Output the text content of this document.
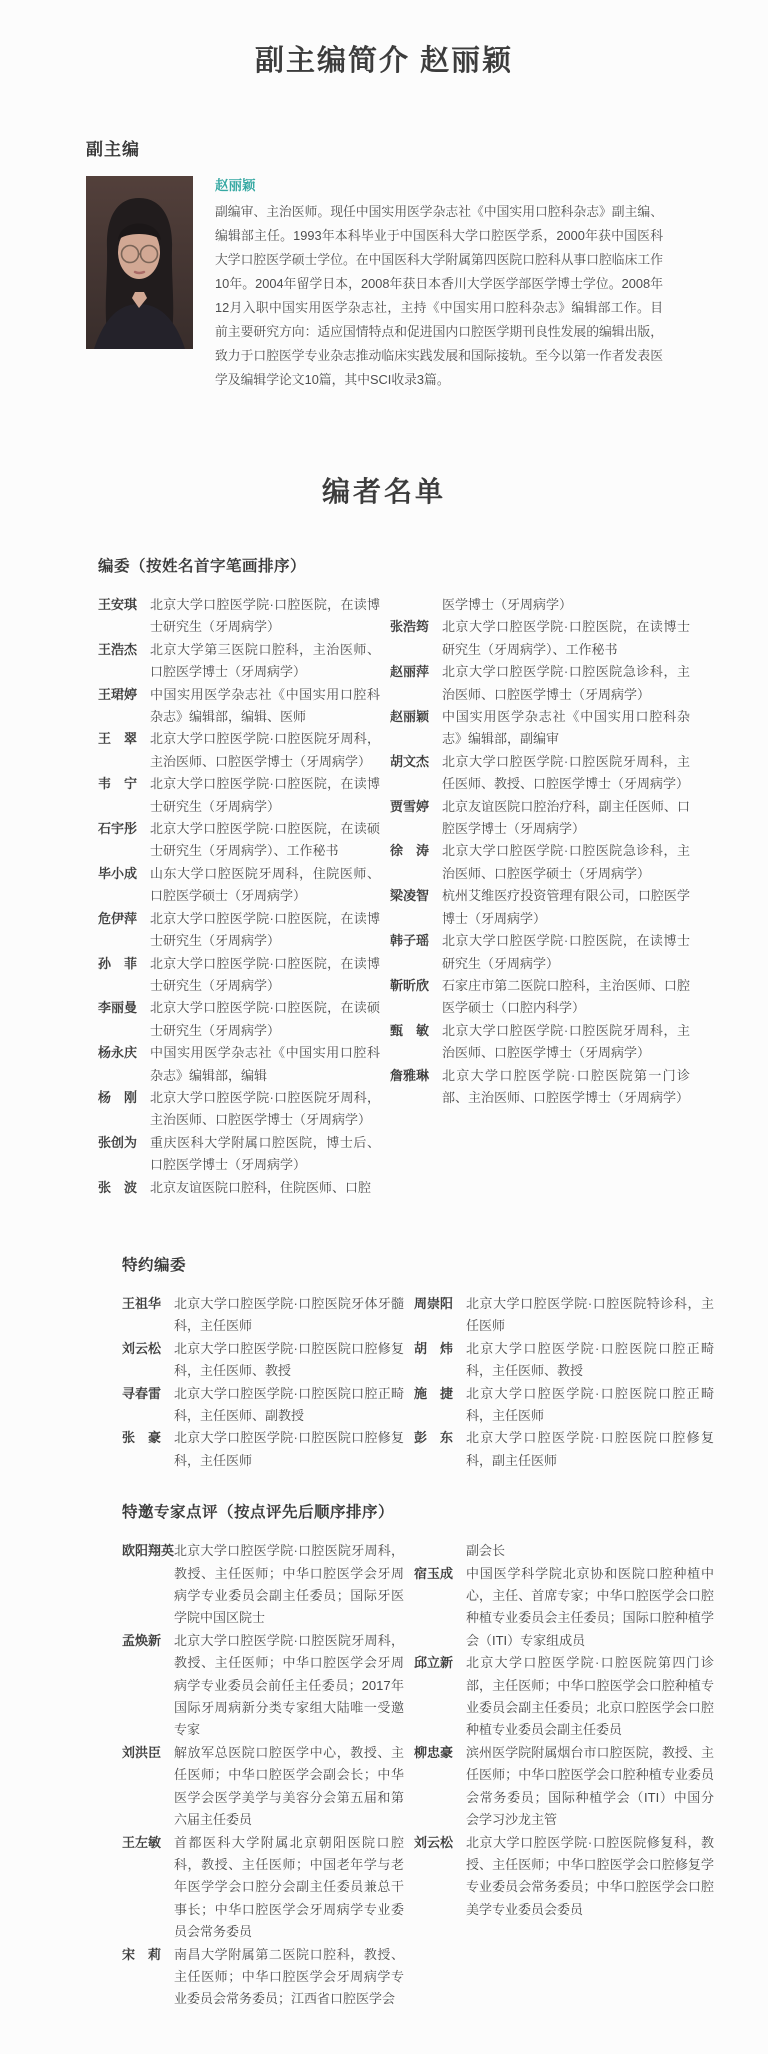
副主编简介 赵丽颖
副主编
赵丽颖

副编审、主治医师。现任中国实用医学杂志社《中国实用口腔科杂志》副主编、编辑部主任。1993年本科毕业于中国医科大学口腔医学系，2000年获中国医科大学口腔医学硕士学位。在中国医科大学附属第四医院口腔科从事口腔临床工作10年。2004年留学日本，2008年获日本香川大学医学部医学博士学位。2008年12月入职中国实用医学杂志社，主持《中国实用口腔科杂志》编辑部工作。目前主要研究方向：适应国情特点和促进国内口腔医学期刊良性发展的编辑出版，致力于口腔医学专业杂志推动临床实践发展和国际接轨。至今以第一作者发表医学及编辑学论文10篇，其中SCI收录3篇。

编者名单
编委（按姓名首字笔画排序）
王安琪 北京大学口腔医学院·口腔医院，在读博士研究生（牙周病学）
王浩杰 北京大学第三医院口腔科，主治医师、口腔医学博士（牙周病学）
王珺婷 中国实用医学杂志社《中国实用口腔科杂志》编辑部，编辑、医师
王　翠 北京大学口腔医学院·口腔医院牙周科，主治医师、口腔医学博士（牙周病学）
韦　宁 北京大学口腔医学院·口腔医院，在读博士研究生（牙周病学）
石宇彤 北京大学口腔医学院·口腔医院，在读硕士研究生（牙周病学）、工作秘书
毕小成 山东大学口腔医院牙周科，住院医师、口腔医学硕士（牙周病学）
危伊萍 北京大学口腔医学院·口腔医院，在读博士研究生（牙周病学）
孙　菲 北京大学口腔医学院·口腔医院，在读博士研究生（牙周病学）
李丽曼 北京大学口腔医学院·口腔医院，在读硕士研究生（牙周病学）
杨永庆 中国实用医学杂志社《中国实用口腔科杂志》编辑部，编辑
杨　刚 北京大学口腔医学院·口腔医院牙周科，主治医师、口腔医学博士（牙周病学）
张创为 重庆医科大学附属口腔医院，博士后、口腔医学博士（牙周病学）
张　波 北京友谊医院口腔科，住院医师、口腔
医学博士（牙周病学）
张浩筠 北京大学口腔医学院·口腔医院，在读博士研究生（牙周病学）、工作秘书
赵丽萍 北京大学口腔医学院·口腔医院急诊科，主治医师、口腔医学博士（牙周病学）
赵丽颖 中国实用医学杂志社《中国实用口腔科杂志》编辑部，副编审
胡文杰 北京大学口腔医学院·口腔医院牙周科，主任医师、教授、口腔医学博士（牙周病学）
贾雪婷 北京友谊医院口腔治疗科，副主任医师、口腔医学博士（牙周病学）
徐　涛 北京大学口腔医学院·口腔医院急诊科，主治医师、口腔医学硕士（牙周病学）
梁凌智 杭州艾维医疗投资管理有限公司，口腔医学博士（牙周病学）
韩子瑶 北京大学口腔医学院·口腔医院，在读博士研究生（牙周病学）
靳昕欣 石家庄市第二医院口腔科，主治医师、口腔医学硕士（口腔内科学）
甄　敏 北京大学口腔医学院·口腔医院牙周科，主治医师、口腔医学博士（牙周病学）
詹雅琳 北京大学口腔医学院·口腔医院第一门诊部、主治医师、口腔医学博士（牙周病学）
特约编委
王祖华 北京大学口腔医学院·口腔医院牙体牙髓科，主任医师
刘云松 北京大学口腔医学院·口腔医院口腔修复科，主任医师、教授
寻春雷 北京大学口腔医学院·口腔医院口腔正畸科，主任医师、副教授
张　豪 北京大学口腔医学院·口腔医院口腔修复科，主任医师
周崇阳 北京大学口腔医学院·口腔医院特诊科，主任医师
胡　炜 北京大学口腔医学院·口腔医院口腔正畸科，主任医师、教授
施　捷 北京大学口腔医学院·口腔医院口腔正畸科，主任医师
彭　东 北京大学口腔医学院·口腔医院口腔修复科，副主任医师
特邀专家点评（按点评先后顺序排序）
欧阳翔英 北京大学口腔医学院·口腔医院牙周科，教授、主任医师；中华口腔医学会牙周病学专业委员会副主任委员；国际牙医学院中国区院士
孟焕新 北京大学口腔医学院·口腔医院牙周科，教授、主任医师；中华口腔医学会牙周病学专业委员会前任主任委员；2017年国际牙周病新分类专家组大陆唯一受邀专家
刘洪臣 解放军总医院口腔医学中心，教授、主任医师；中华口腔医学会副会长；中华医学会医学美学与美容分会第五届和第六届主任委员
王左敏 首都医科大学附属北京朝阳医院口腔科，教授、主任医师；中国老年学与老年医学学会口腔分会副主任委员兼总干事长；中华口腔医学会牙周病学专业委员会常务委员
宋　莉 南昌大学附属第二医院口腔科，教授、主任医师；中华口腔医学会牙周病学专业委员会常务委员；江西省口腔医学会
副会长
宿玉成 中国医学科学院北京协和医院口腔种植中心，主任、首席专家；中华口腔医学会口腔种植专业委员会主任委员；国际口腔种植学会（ITI）专家组成员
邱立新 北京大学口腔医学院·口腔医院第四门诊部，主任医师；中华口腔医学会口腔种植专业委员会副主任委员；北京口腔医学会口腔种植专业委员会副主任委员
柳忠豪 滨州医学院附属烟台市口腔医院，教授、主任医师；中华口腔医学会口腔种植专业委员会常务委员；国际种植学会（ITI）中国分会学习沙龙主管
刘云松 北京大学口腔医学院·口腔医院修复科，教授、主任医师；中华口腔医学会口腔修复学专业委员会常务委员；中华口腔医学会口腔美学专业委员会委员
